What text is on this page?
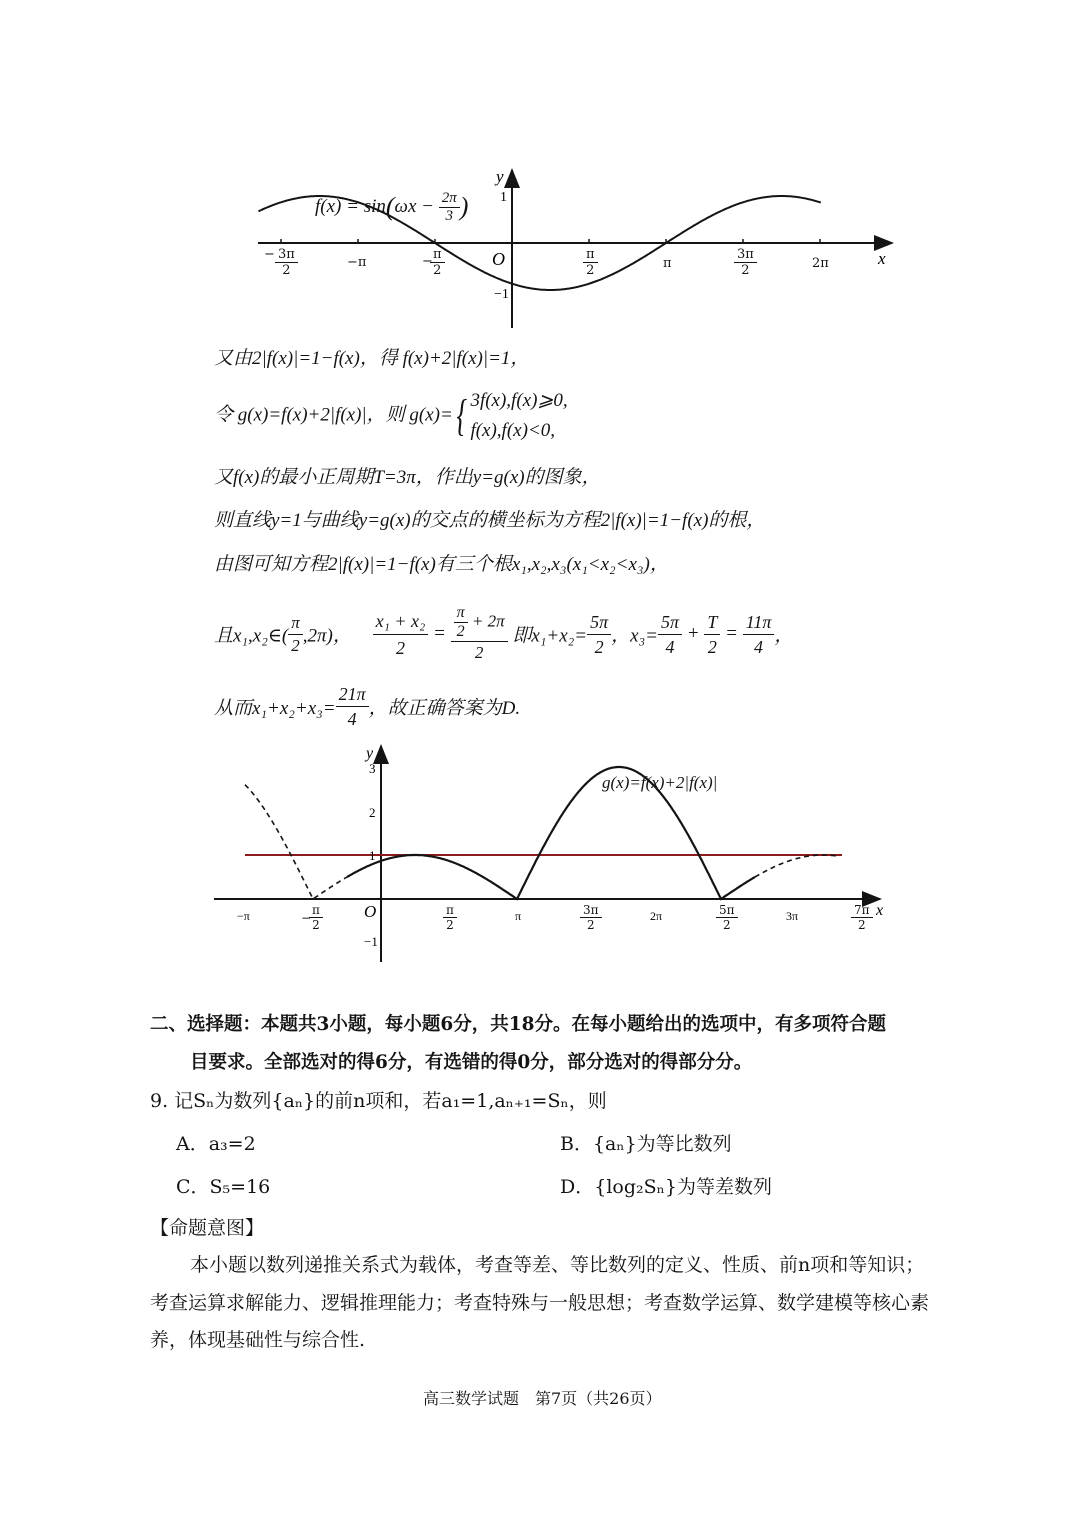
y
x
O
1
−1
$f(x) = \sin(\omega x - \frac{2\pi}{3}$ )
− $\frac{3\pi}{2}$	−π	−
$\frac{\pi}{2}$	$\frac{\pi}{2}$	π	$\frac{3\pi}{2}$	2π
又由2|f(x)|=1−f(x)，得 f(x)+2|f(x)|=1，
令 g(x)=f(x)+2|f(x)|，则 g(x)={ 3f(x),f(x)⩾0,
f(x),f(x)<0,
又f(x)的最小正周期T=3π，作出y=g(x)的图象，
则直线y=1与曲线y=g(x)的交点的横坐标为方程2|f(x)|=1−f(x)的根，
由图可知方程2|f(x)|=1−f(x)有三个根x₁,x₂,x₃(x₁<x₂<x₃)，
且x₁,x₂∈( $\frac{\pi}{2} ,2\pi$)， $\frac{\text{x₁ + x₂}}{2} = \frac{\frac{\pi}{2} + 2\pi}{2}$ 即$x_1+x_2= \frac{5\pi}{2}$ ，$x_3= \frac{5\pi}{4} + \frac{T}{2} = \frac{11\pi}{4}$ ，
从而$x_1+x_2+x_3= \frac{21\pi}{4}$ ，故正确答案为D.
y
x
O
3
2
1
−1
−π	π	2π	3π
g(x)=f(x)+2|f(x)|
−
$\frac{\pi}{2}$	$\frac{\pi}{2}$	$\frac{3\pi}{2}$	$\frac{5\pi}{2}$	$\frac{7\pi}{2}$
二、选择题：本题共3小题，每小题6分，共18分。在每小题给出的选项中，有多项符合题
目要求。全部选对的得6分，有选错的得0分，部分选对的得部分分。
9. 记Sₙ为数列{aₙ}的前n项和，若a₁=1,aₙ₊₁=Sₙ，则
A．a₃=2	B．{aₙ}为等比数列
C．S₅=16	D．{log₂Sₙ}为等差数列
【命题意图】
本小题以数列递推关系式为载体，考查等差、等比数列的定义、性质、前n项和等知识；
考查运算求解能力、逻辑推理能力；考查特殊与一般思想；考查数学运算、数学建模等核心素
养，体现基础性与综合性.
高三数学试题　第7页（共26页）
